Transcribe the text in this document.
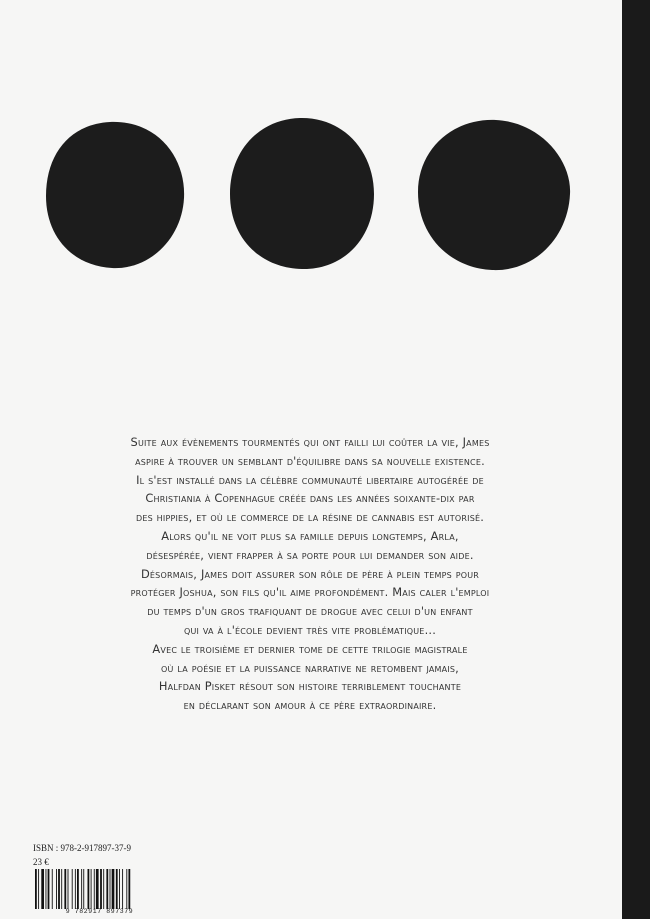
Suite aux évènements tourmentés qui ont failli lui coûter la vie, James
aspire à trouver un semblant d'équilibre dans sa nouvelle existence.
Il s'est installé dans la célèbre communauté libertaire autogérée de
Christiania à Copenhague créée dans les années soixante-dix par
des hippies, et où le commerce de la résine de cannabis est autorisé.
Alors qu'il ne voit plus sa famille depuis longtemps, Arla,
désespérée, vient frapper à sa porte pour lui demander son aide.
Désormais, James doit assurer son rôle de père à plein temps pour
protéger Joshua, son fils qu'il aime profondément. Mais caler l'emploi
du temps d'un gros trafiquant de drogue avec celui d'un enfant
qui va à l'école devient très vite problématique...
Avec le troisième et dernier tome de cette trilogie magistrale
où la poésie et la puissance narrative ne retombent jamais,
Halfdan Pisket résout son histoire terriblement touchante
en déclarant son amour à ce père extraordinaire.
ISBN : 978-2-917897-37-9
23 €
9 782917 897379
